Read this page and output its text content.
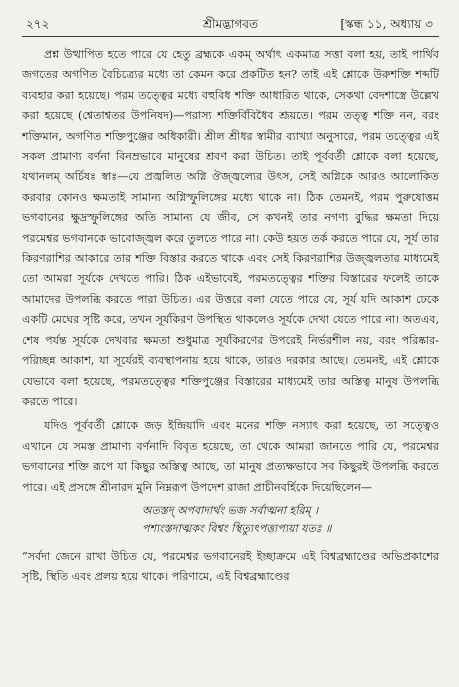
২৭২	শ্রীমদ্ভাগবত	[স্কন্ধ ১১, অধ্যায় ৩

প্রশ্ন উত্থাপিত হতে পারে যে হেতু ব্রহ্মকে একম্ অর্থাৎ একমাত্র সত্তা বলা হয়, তাই পার্থিব জগতের অগণিত বৈচিত্র্যের মধ্যে তা কেমন করে প্রকটিত হন? তাই এই শ্লোকে উরুশক্তি শব্দটি ব্যবহার করা হয়েছে। পরম তত্ত্বের মধ্যে বহুবিধ শক্তি আধারিত থাকে, সেকথা বেদশাস্ত্রে উল্লেখ করা হয়েছে (শ্বেতাশ্বতর উপনিষদ)—পরাস্য শক্তির্বিবিধৈব শ্রূয়তে। পরম তত্ত্ব শক্তি নন, বরং শক্তিমান, অগণিত শক্তিপুঞ্জের অধিকারী। শ্রীল শ্রীধর স্বামীর ব্যাখ্যা অনুসারে, পরম তত্ত্বের এই সকল প্রামাণ্য বর্ণনা বিনম্রভাবে মানুষের শ্রবণ করা উচিত। তাই পূর্ববর্তী শ্লোকে বলা হয়েছে, যথানলম্ অর্চিষঃ স্বাঃ—যে প্রজ্বলিত অগ্নি ঔজ্জ্বল্যের উৎস, সেই অগ্নিকে আরও আলোকিত করবার কোনও ক্ষমতাই সামান্য অগ্নিস্ফুলিঙ্গের মধ্যে থাকে না। ঠিক তেমনই, পরম পুরুষোত্তম ভগবানের ক্ষুদ্রস্ফুলিঙ্গের অতি সামান্য যে জীব, সে কখনই তার নগণ্য বুদ্ধির ক্ষমতা দিয়ে পরমেশ্বর ভগবানকে ভাবোজ্জ্বল করে তুলতে পারে না। কেউ হয়ত তর্ক করতে পারে যে, সূর্য তার কিরণরাশির আকারে তার শক্তি বিস্তার করতে থাকে এবং সেই কিরণরাশির উজ্জ্বলতার মাধ্যমেই তো আমরা সূর্যকে দেখতে পারি। ঠিক এইভাবেই, পরমতত্ত্বের শক্তির বিস্তারের ফলেই তাকে আমাদের উপলব্ধি করতে পারা উচিত। এর উত্তরে বলা যেতে পারে যে, সূর্য যদি আকাশ ঢেকে একটি মেঘের সৃষ্টি করে, তখন সূর্যকিরণ উপস্থিত থাকলেও সূর্যকে দেখা যেতে পারে না। অতএব, শেষ পর্যন্ত সূর্যকে দেখবার ক্ষমতা শুধুমাত্র সূর্যকিরণের উপরেই নির্ভরশীল নয়, বরং পরিষ্কার-পরিচ্ছন্ন আকাশ, যা সূর্যেরই ব্যবস্থাপনায় হয়ে থাকে, তারও দরকার আছে। তেমনই, এই শ্লোকে যেভাবে বলা হয়েছে, পরমতত্ত্বের শক্তিপুঞ্জের বিস্তারের মাধ্যমেই তার অস্তিত্ব মানুষ উপলব্ধি করতে পারে।

যদিও পূর্ববর্তী শ্লোকে জড় ইন্দ্রিয়াদি এবং মনের শক্তি নস্যাৎ করা হয়েছে, তা সত্ত্বেও এখানে যে সমস্ত প্রামাণ্য বর্ণনাদি বিবৃত হয়েছে, তা থেকে আমরা জানতে পারি যে, পরমেশ্বর ভগবানের শক্তি রূপে যা কিছুর অস্তিত্ব আছে, তা মানুষ প্রত্যক্ষভাবে সব কিছুরই উপলব্ধি করতে পারে। এই প্রসঙ্গে শ্রীনারদ মুনি নিম্নরূপ উপদেশ রাজা প্রাচীনবর্হিকে দিয়েছিলেন—

অতস্তদ্ অপবাদার্থং ভজ সর্বাত্মনা হরিম্ ।
পশ্যংস্তদাত্মকং বিশ্বং স্থিত্যুৎপত্ত্যপ্যয়া যতঃ ॥

“সর্বদা জেনে রাখা উচিত যে, পরমেশ্বর ভগবানেরই ইচ্ছাক্রমে এই বিশ্বব্রহ্মাণ্ডের অভিপ্রকাশের সৃষ্টি, স্থিতি এবং প্রলয় হয়ে থাকে। পরিণামে, এই বিশ্বব্রহ্মাণ্ডের
